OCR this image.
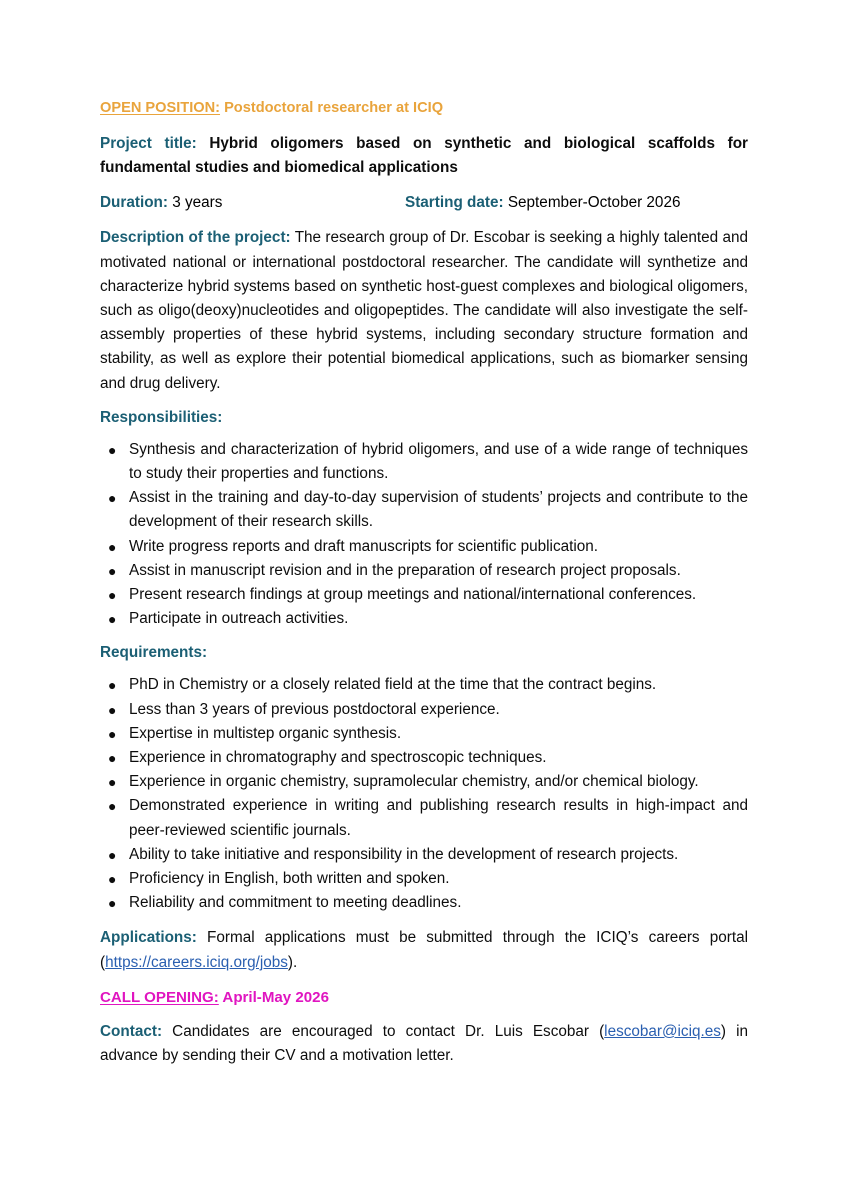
OPEN POSITION: Postdoctoral researcher at ICIQ

Project title: Hybrid oligomers based on synthetic and biological scaffolds for fundamental studies and biomedical applications

Duration: 3 years	Starting date: September-October 2026

Description of the project: The research group of Dr. Escobar is seeking a highly talented and motivated national or international postdoctoral researcher. The candidate will synthetize and characterize hybrid systems based on synthetic host-guest complexes and biological oligomers, such as oligo(deoxy)nucleotides and oligopeptides. The candidate will also investigate the self-assembly properties of these hybrid systems, including secondary structure formation and stability, as well as explore their potential biomedical applications, such as biomarker sensing and drug delivery.

Responsibilities:

● Synthesis and characterization of hybrid oligomers, and use of a wide range of techniques to study their properties and functions.
● Assist in the training and day-to-day supervision of students’ projects and contribute to the development of their research skills.
● Write progress reports and draft manuscripts for scientific publication.
● Assist in manuscript revision and in the preparation of research project proposals.
● Present research findings at group meetings and national/international conferences.
● Participate in outreach activities.

Requirements:

● PhD in Chemistry or a closely related field at the time that the contract begins.
● Less than 3 years of previous postdoctoral experience.
● Expertise in multistep organic synthesis.
● Experience in chromatography and spectroscopic techniques.
● Experience in organic chemistry, supramolecular chemistry, and/or chemical biology.
● Demonstrated experience in writing and publishing research results in high-impact and peer-reviewed scientific journals.
● Ability to take initiative and responsibility in the development of research projects.
● Proficiency in English, both written and spoken.
● Reliability and commitment to meeting deadlines.

Applications: Formal applications must be submitted through the ICIQ’s careers portal (https://careers.iciq.org/jobs).

CALL OPENING: April-May 2026

Contact: Candidates are encouraged to contact Dr. Luis Escobar (lescobar@iciq.es) in advance by sending their CV and a motivation letter.
